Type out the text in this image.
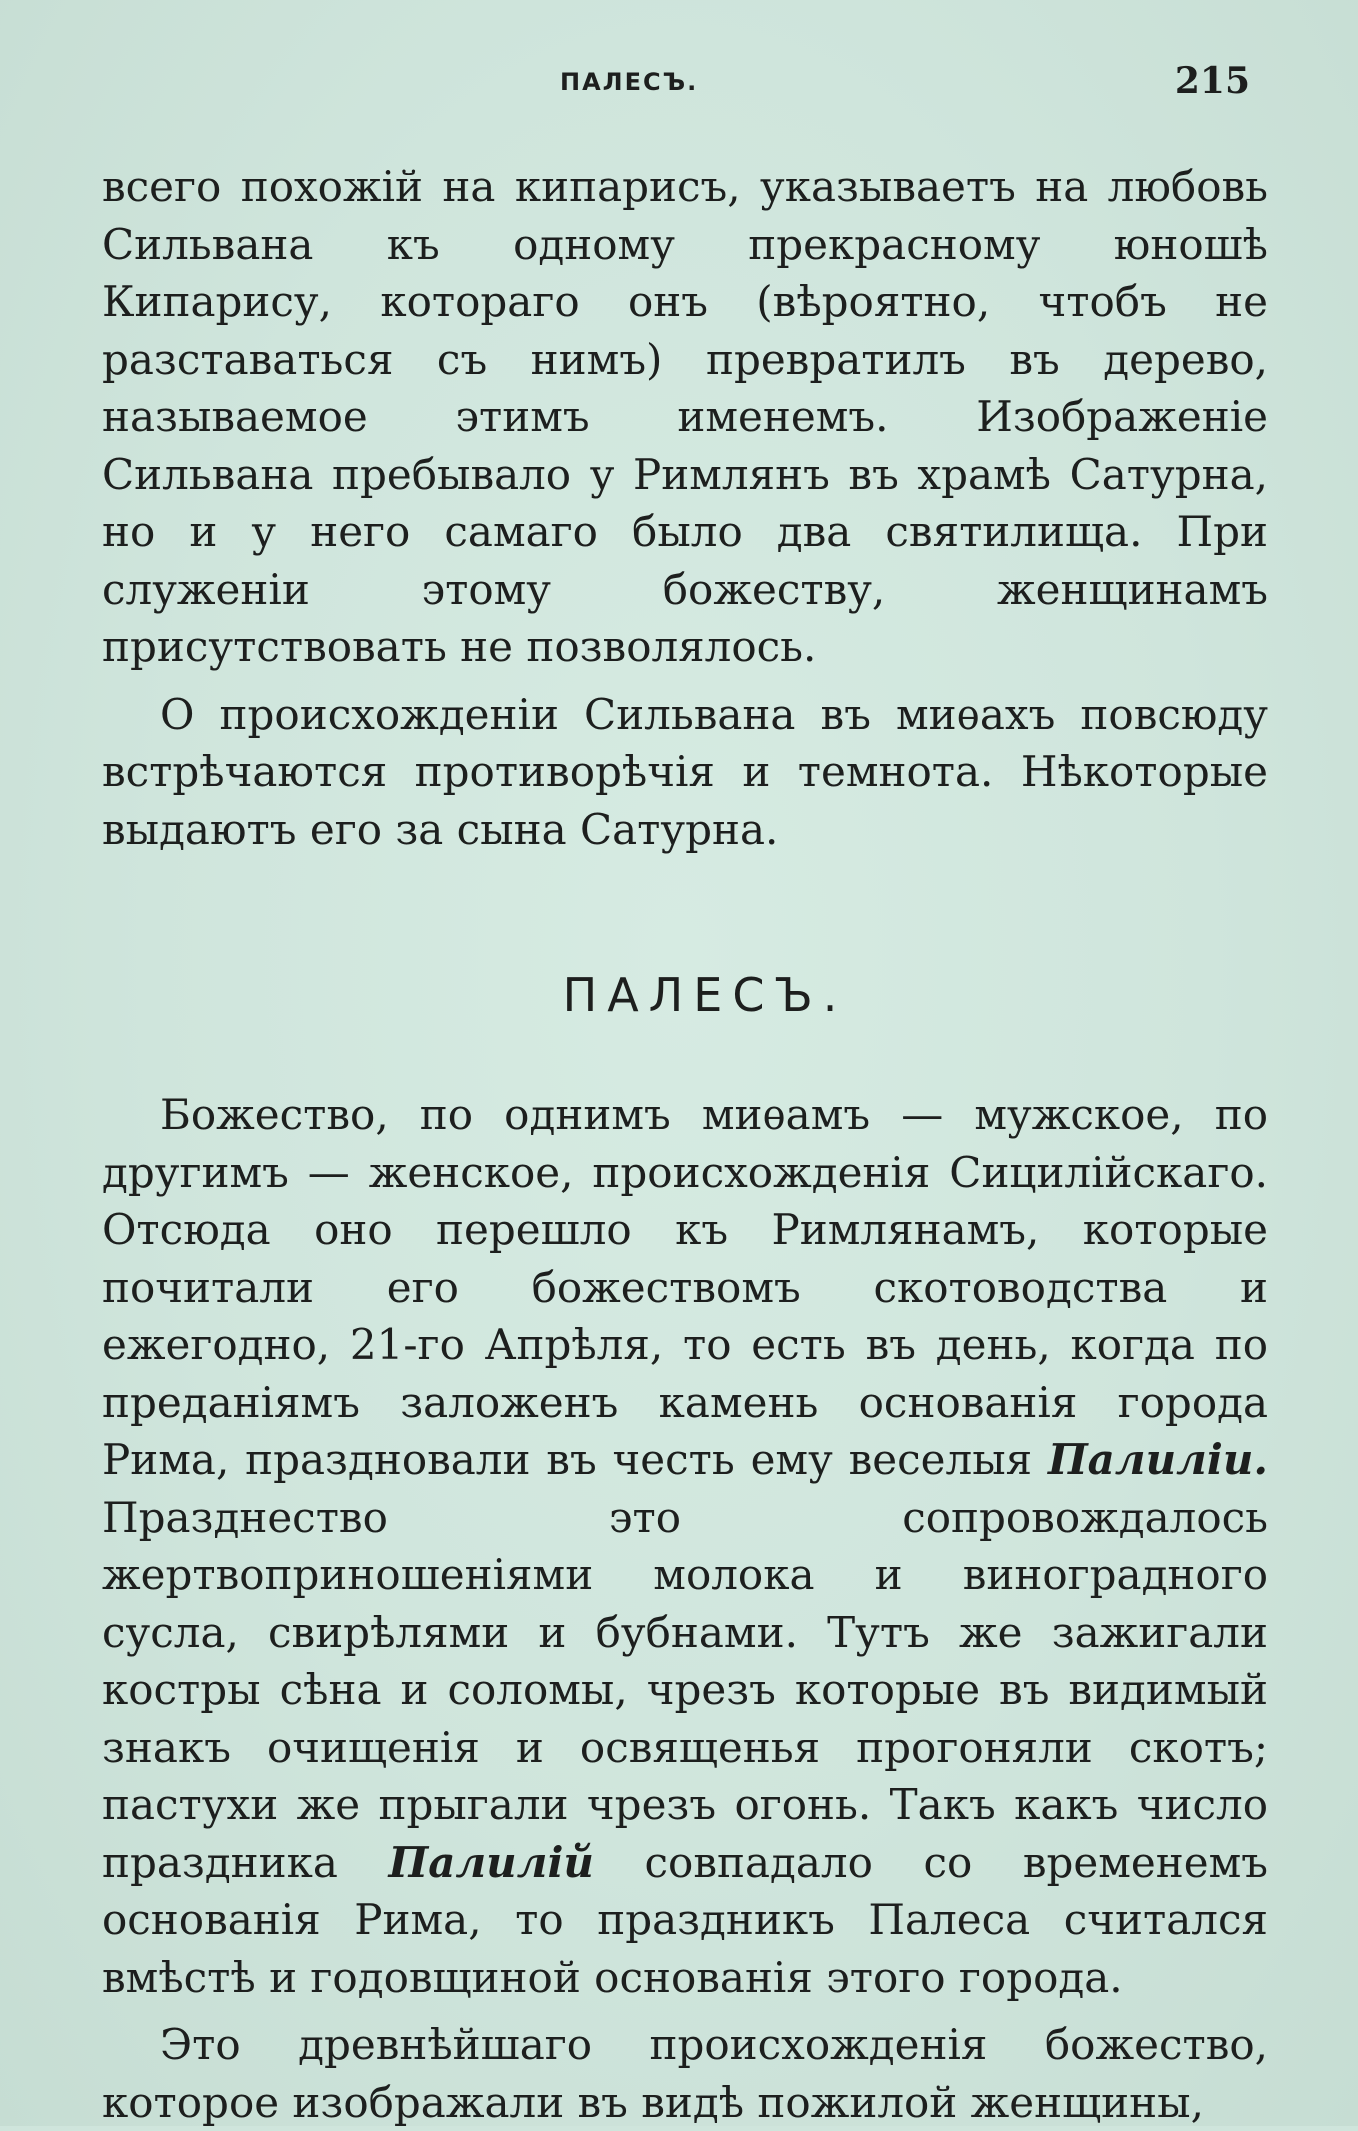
ПАЛЕСЪ.	215

всего похожій на кипарисъ, указываетъ на любовь Сильвана къ одному прекрасному юношѣ Кипарису, котораго онъ (вѣроятно, чтобъ не разставаться съ нимъ) превратилъ въ дерево, называемое этимъ именемъ. Изображеніе Сильвана пребывало у Римлянъ въ храмѣ Сатурна, но и у него самаго было два святилища. При служеніи этому божеству, женщинамъ присутствовать не позволялось.

О происхожденіи Сильвана въ миѳахъ повсюду встрѣчаются противорѣчія и темнота. Нѣкоторые выдаютъ его за сына Сатурна.

ПАЛЕСЪ.

Божество, по однимъ миѳамъ — мужское, по другимъ — женское, происхожденія Сицилійскаго. Отсюда оно перешло къ Римлянамъ, которые почитали его божествомъ скотоводства и ежегодно, 21-го Апрѣля, то есть въ день, когда по преданіямъ заложенъ камень основанія города Рима, праздновали въ честь ему веселыя Палиліи. Празднество это сопровождалось жертвоприношеніями молока и виноградного сусла, свирѣлями и бубнами. Тутъ же зажигали костры сѣна и соломы, чрезъ которые въ видимый знакъ очищенія и освященья прогоняли скотъ; пастухи же прыгали чрезъ огонь. Такъ какъ число праздника Палилій совпадало со временемъ основанія Рима, то праздникъ Палеса считался вмѣстѣ и годовщиной основанія этого города.

Это древнѣйшаго происхожденія божество, которое изображали въ видѣ пожилой женщины,
